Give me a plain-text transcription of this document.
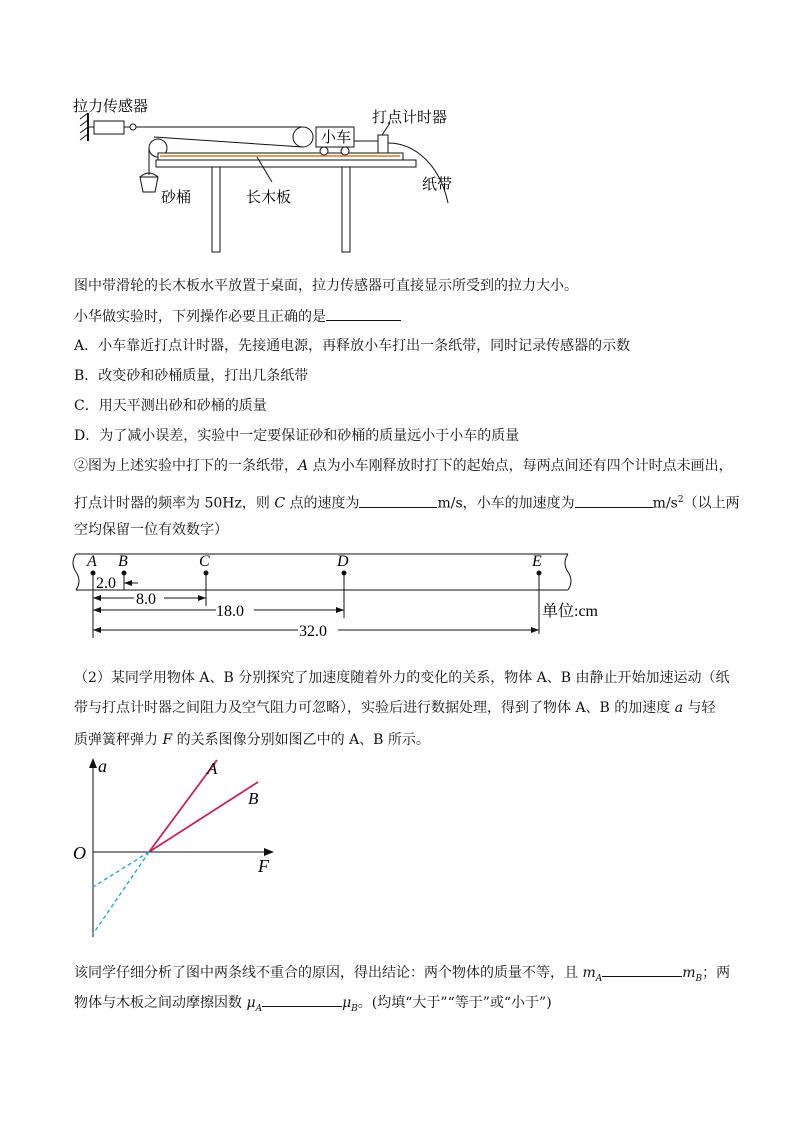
拉力传感器
打点计时器
小车
纸带
砂桶	长木板
图中带滑轮的长木板水平放置于桌面，拉力传感器可直接显示所受到的拉力大小。
小华做实验时，下列操作必要且正确的是
A．小车靠近打点计时器，先接通电源，再释放小车打出一条纸带，同时记录传感器的示数
B．改变砂和砂桶质量，打出几条纸带
C．用天平测出砂和砂桶的质量
D．为了减小误差，实验中一定要保证砂和砂桶的质量远小于小车的质量
②图为上述实验中打下的一条纸带，A 点为小车刚释放时打下的起始点，每两点间还有四个计时点未画出，
打点计时器的频率为 50Hz，则 C 点的速度为	m/s，小车的加速度为	$m/s^2$（以上两
空均保留一位有效数字）
A B	C	D	E
2.0
8.0
18.0
32.0
单位:cm
（2）某同学用物体 A、B 分别探究了加速度随着外力的变化的关系，物体 A、B 由静止开始加速运动（纸
带与打点计时器之间阻力及空气阻力可忽略），实验后进行数据处理，得到了物体 A、B 的加速度 a 与轻
质弹簧秤弹力 F 的关系图像分别如图乙中的 A、B 所示。
a
F
O
A
B
该同学仔细分析了图中两条线不重合的原因，得出结论：两个物体的质量不等，且 $m_A$	$m_B$；两
物体与木板之间动摩擦因数 $\mu_A$	$\mu_B$。(均填“大于”“等于”或“小于”)
